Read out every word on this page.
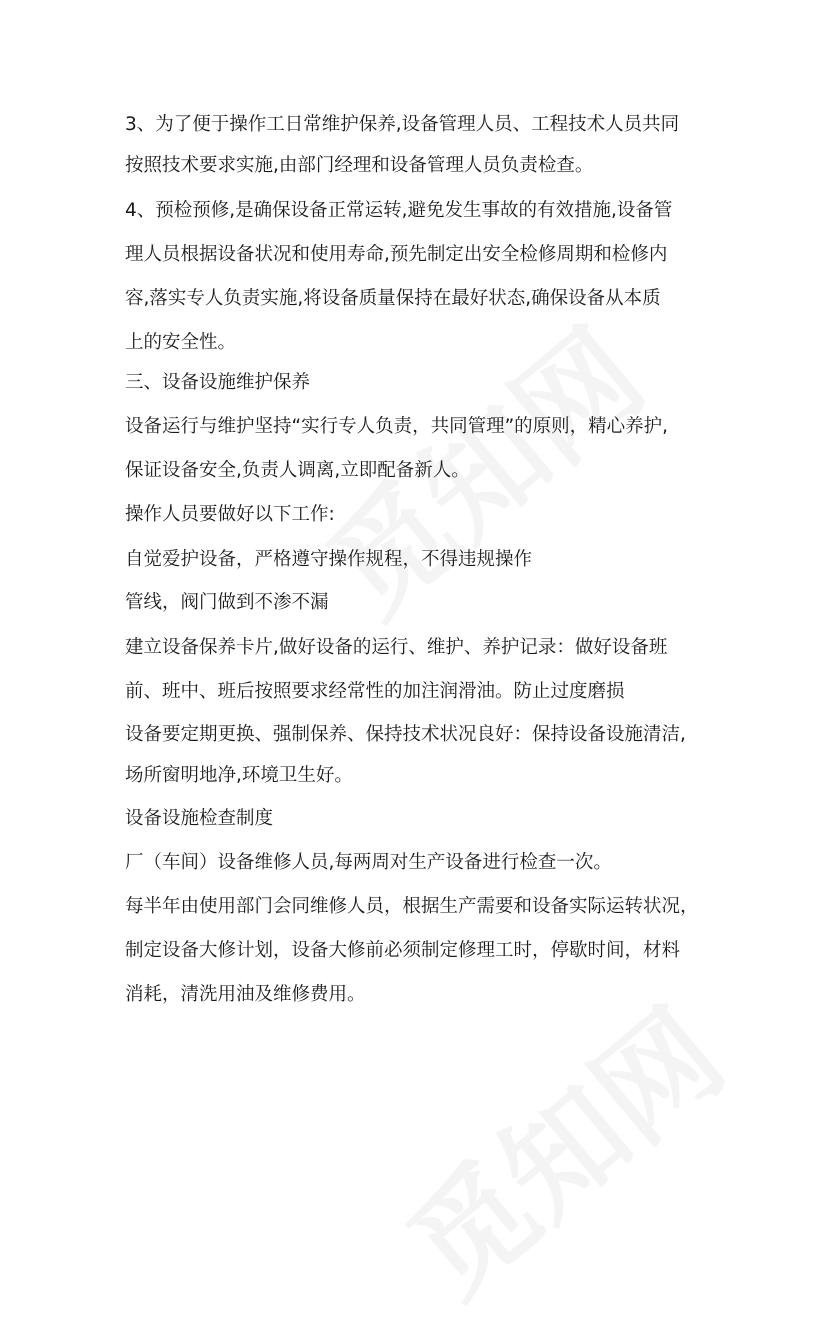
3、为了便于操作工日常维护保养,设备管理人员、工程技术人员共同
按照技术要求实施,由部门经理和设备管理人员负责检查。
4、预检预修,是确保设备正常运转,避免发生事故的有效措施,设备管
理人员根据设备状况和使用寿命,预先制定出安全检修周期和检修内
容,落实专人负责实施,将设备质量保持在最好状态,确保设备从本质
上的安全性。
三、设备设施维护保养
设备运行与维护坚持“实行专人负责，共同管理”的原则，精心养护,
保证设备安全,负责人调离,立即配备新人。
操作人员要做好以下工作:
自觉爱护设备，严格遵守操作规程，不得违规操作
管线，阀门做到不渗不漏
建立设备保养卡片,做好设备的运行、维护、养护记录：做好设备班
前、班中、班后按照要求经常性的加注润滑油。防止过度磨损
设备要定期更换、强制保养、保持技术状况良好：保持设备设施清洁,
场所窗明地净,环境卫生好。
设备设施检查制度
厂（车间）设备维修人员,每两周对生产设备进行检查一次。
每半年由使用部门会同维修人员，根据生产需要和设备实际运转状况，
制定设备大修计划，设备大修前必须制定修理工时，停歇时间，材料
消耗，清洗用油及维修费用。
